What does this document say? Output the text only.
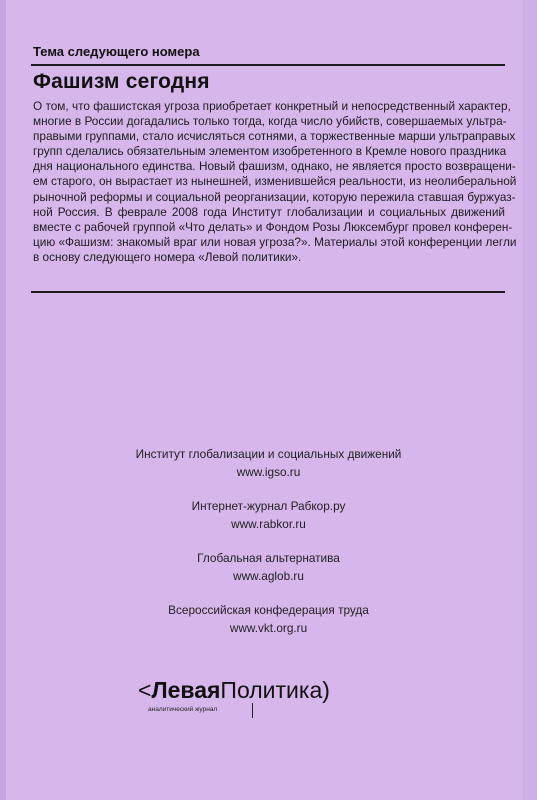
Тема следующего номера
Фашизм сегодня
О том, что фашистская угроза приобретает конкретный и непосредственный характер,
многие в России догадались только тогда, когда число убийств, совершаемых ультра-
правыми группами, стало исчисляться сотнями, а торжественные марши ультраправых
групп сделались обязательным элементом изобретенного в Кремле нового праздника
дня национального единства. Новый фашизм, однако, не является просто возвращени-
ем старого, он вырастает из нынешней, изменившейся реальности, из неолиберальной
рыночной реформы и социальной реорганизации, которую пережила ставшая буржуаз-
ной Россия. В феврале 2008 года Институт глобализации и социальных движений
вместе с рабочей группой «Что делать» и Фондом Розы Люксембург провел конферен-
цию «Фашизм: знакомый враг или новая угроза?». Материалы этой конференции легли
в основу следующего номера «Левой политики».
Институт глобализации и социальных движений
www.igso.ru
Интернет-журнал Рабкор.ру
www.rabkor.ru
Глобальная альтернатива
www.aglob.ru
Всероссийская конфедерация труда
www.vkt.org.ru
<ЛеваяПолитика)
аналитический журнал
